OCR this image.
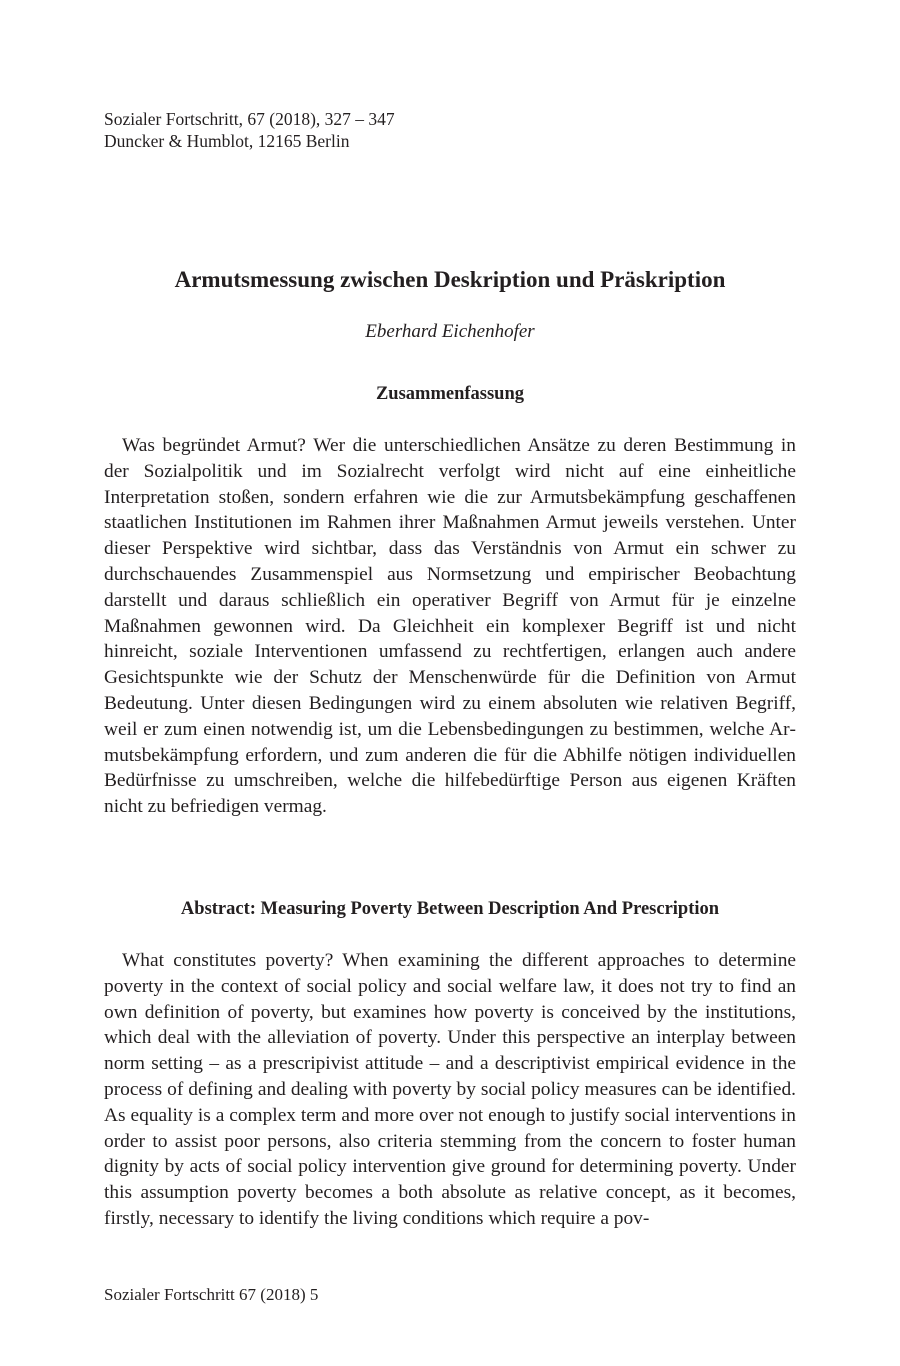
Sozialer Fortschritt, 67 (2018), 327 – 347
Duncker & Humblot, 12165 Berlin
Armutsmessung zwischen Deskription und Präskription
Eberhard Eichenhofer
Zusammenfassung

Was begründet Armut? Wer die unterschiedlichen Ansätze zu deren Bestimmung in der Sozialpolitik und im Sozialrecht verfolgt wird nicht auf eine einheitliche Interpretation stoßen, sondern erfahren wie die zur Armutsbekämpfung geschaffenen staatlichen Institutionen im Rahmen ihrer Maßnahmen Armut jeweils verstehen. Unter dieser Perspektive wird sichtbar, dass das Verständnis von Armut ein schwer zu durchschauendes Zusammenspiel aus Normsetzung und empirischer Beobachtung darstellt und daraus schließlich ein operativer Begriff von Armut für je einzelne Maßnahmen gewonnen wird. Da Gleichheit ein komplexer Begriff ist und nicht hinreicht, soziale Interventionen umfassend zu rechtfertigen, erlangen auch andere Gesichtspunkte wie der Schutz der Menschenwürde für die Definition von Armut Bedeutung. Unter diesen Bedingungen wird zu einem absoluten wie relativen Begriff, weil er zum einen notwendig ist, um die Lebensbedingungen zu bestimmen, welche Armutsbekämpfung erfordern, und zum anderen die für die Abhilfe nötigen individuellen Bedürfnisse zu umschreiben, welche die hilfebedürftige Person aus eigenen Kräften nicht zu befriedigen vermag.

Abstract: Measuring Poverty Between Description And Prescription

What constitutes poverty? When examining the different approaches to determine poverty in the context of social policy and social welfare law, it does not try to find an own definition of poverty, but examines how poverty is conceived by the institutions, which deal with the alleviation of poverty. Under this perspective an interplay between norm setting – as a prescripivist attitude – and a descriptivist empirical evidence in the process of defining and dealing with poverty by social policy measures can be identified. As equality is a complex term and more over not enough to justify social interventions in order to assist poor persons, also criteria stemming from the concern to foster human dignity by acts of social policy intervention give ground for determining poverty. Under this assumption poverty becomes a both absolute as relative concept, as it becomes, firstly, necessary to identify the living conditions which require a pov-

Sozialer Fortschritt 67 (2018) 5
